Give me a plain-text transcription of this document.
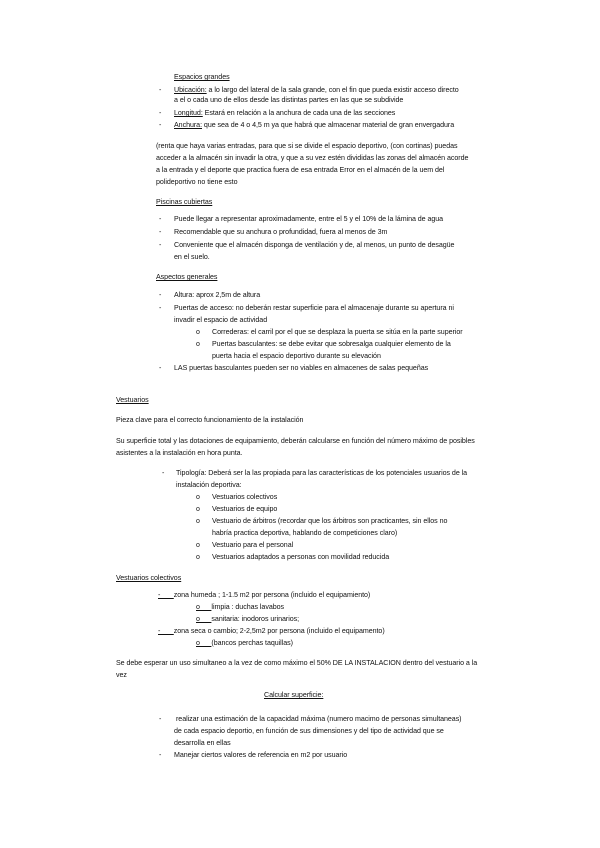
Espacios grandes
- Ubicación: a lo largo del lateral de la sala grande, con el fin que pueda existir acceso directo
a el o cada uno de ellos desde las distintas partes en las que se subdivide
- Longitud: Estará en relación a la anchura de cada una de las secciones
- Anchura: que sea de 4 o 4,5 m ya que habrá que almacenar material de gran envergadura
(renta que haya varias entradas, para que si se divide el espacio deportivo, (con cortinas) puedas
acceder a la almacén sin invadir la otra, y que a su vez estén divididas las zonas del almacén acorde
a la entrada y el deporte que practica fuera de esa entrada Error en el almacén de la uem del
polideportivo no tiene esto
Piscinas cubiertas
- Puede llegar a representar aproximadamente, entre el 5 y el 10% de la lámina de agua
- Recomendable que su anchura o profundidad, fuera al menos de 3m
- Conveniente que el almacén disponga de ventilación y de, al menos, un punto de desagüe
en el suelo.
Aspectos generales
- Altura: aprox 2,5m de altura
- Puertas de acceso: no deberán restar superficie para el almacenaje durante su apertura ni
invadir el espacio de actividad
o Correderas: el carril por el que se desplaza la puerta se sitúa en la parte superior
o Puertas basculantes: se debe evitar que sobresalga cualquier elemento de la
puerta hacia el espacio deportivo durante su elevación
- LAS puertas basculantes pueden ser no viables en almacenes de salas pequeñas
Vestuarios
Pieza clave para el correcto funcionamiento de la instalación
Su superficie total y las dotaciones de equipamiento, deberán calcularse en función del número máximo de posibles
asistentes a la instalación en hora punta.
- Tipología: Deberá ser la las propiada para las características de los potenciales usuarios de la
instalación deportiva:
o Vestuarios colectivos
o Vestuarios de equipo
o Vestuario de árbitros (recordar que los árbitros son practicantes, sin ellos no
habría practica deportiva, hablando de competiciones claro)
o Vestuario para el personal
o Vestuarios adaptados a personas con movilidad reducida
Vestuarios colectivos
-       zona humeda ; 1-1.5 m2 por persona (incluido el equipamiento)
o      limpia : duchas lavabos
o      sanitaria: inodoros urinarios;
-       zona seca o cambio; 2-2,5m2 por persona (incluido el equipamento)
o      (bancos perchas taquillas)
Se debe esperar un uso simultaneo a la vez de como máximo el 50% DE LA INSTALACION dentro del vestuario a la
vez
Calcular superficie:
- realizar una estimación de la capacidad máxima (numero macimo de personas simultaneas)
de cada espacio deportio, en función de sus dimensiones y del tipo de actividad que se
desarrolla en ellas
- Manejar ciertos valores de referencia en m2 por usuario
